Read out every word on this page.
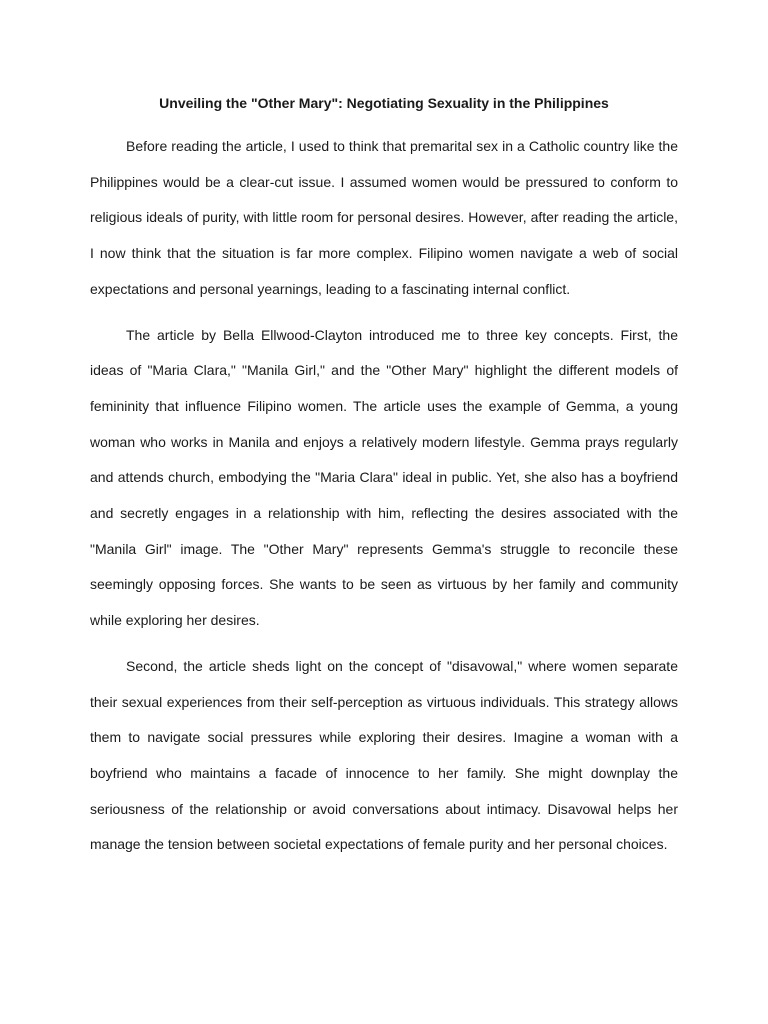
Unveiling the "Other Mary": Negotiating Sexuality in the Philippines

Before reading the article, I used to think that premarital sex in a Catholic country like the Philippines would be a clear-cut issue. I assumed women would be pressured to conform to religious ideals of purity, with little room for personal desires. However, after reading the article, I now think that the situation is far more complex. Filipino women navigate a web of social expectations and personal yearnings, leading to a fascinating internal conflict.

The article by Bella Ellwood-Clayton introduced me to three key concepts. First, the ideas of "Maria Clara," "Manila Girl," and the "Other Mary" highlight the different models of femininity that influence Filipino women. The article uses the example of Gemma, a young woman who works in Manila and enjoys a relatively modern lifestyle. Gemma prays regularly and attends church, embodying the "Maria Clara" ideal in public. Yet, she also has a boyfriend and secretly engages in a relationship with him, reflecting the desires associated with the "Manila Girl" image. The "Other Mary" represents Gemma's struggle to reconcile these seemingly opposing forces. She wants to be seen as virtuous by her family and community while exploring her desires.

Second, the article sheds light on the concept of "disavowal," where women separate their sexual experiences from their self-perception as virtuous individuals. This strategy allows them to navigate social pressures while exploring their desires. Imagine a woman with a boyfriend who maintains a facade of innocence to her family. She might downplay the seriousness of the relationship or avoid conversations about intimacy. Disavowal helps her manage the tension between societal expectations of female purity and her personal choices.
